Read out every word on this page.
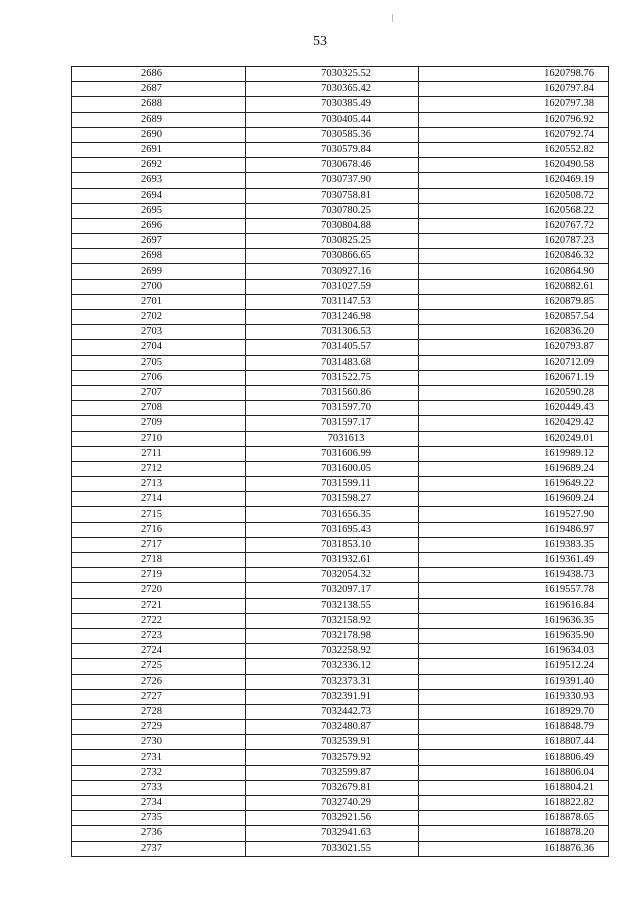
53
2686	7030325.52	1620798.76
2687	7030365.42	1620797.84
2688	7030385.49	1620797.38
2689	7030405.44	1620796.92
2690	7030585.36	1620792.74
2691	7030579.84	1620552.82
2692	7030678.46	1620490.58
2693	7030737.90	1620469.19
2694	7030758.81	1620508.72
2695	7030780.25	1620568.22
2696	7030804.88	1620767.72
2697	7030825.25	1620787.23
2698	7030866.65	1620846.32
2699	7030927.16	1620864.90
2700	7031027.59	1620882.61
2701	7031147.53	1620879.85
2702	7031246.98	1620857.54
2703	7031306.53	1620836.20
2704	7031405.57	1620793.87
2705	7031483.68	1620712.09
2706	7031522.75	1620671.19
2707	7031560.86	1620590.28
2708	7031597.70	1620449.43
2709	7031597.17	1620429.42
2710	7031613	1620249.01
2711	7031606.99	1619989.12
2712	7031600.05	1619689.24
2713	7031599.11	1619649.22
2714	7031598.27	1619609.24
2715	7031656.35	1619527.90
2716	7031695.43	1619486.97
2717	7031853.10	1619383.35
2718	7031932.61	1619361.49
2719	7032054.32	1619438.73
2720	7032097.17	1619557.78
2721	7032138.55	1619616.84
2722	7032158.92	1619636.35
2723	7032178.98	1619635.90
2724	7032258.92	1619634.03
2725	7032336.12	1619512.24
2726	7032373.31	1619391.40
2727	7032391.91	1619330.93
2728	7032442.73	1618929.70
2729	7032480.87	1618848.79
2730	7032539.91	1618807.44
2731	7032579.92	1618806.49
2732	7032599.87	1618806.04
2733	7032679.81	1618804.21
2734	7032740.29	1618822.82
2735	7032921.56	1618878.65
2736	7032941.63	1618878.20
2737	7033021.55	1618876.36
